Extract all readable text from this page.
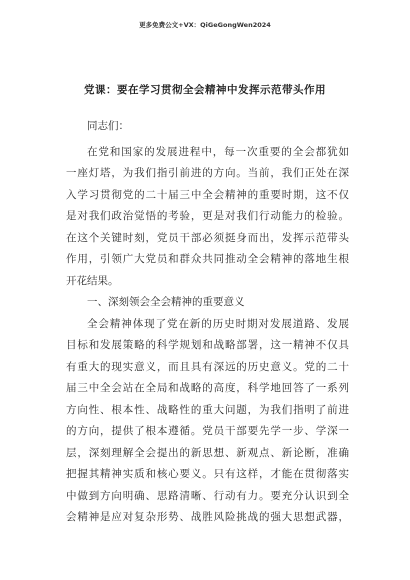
更多免费公文+VX：QiGeGongWen2024
党课：要在学习贯彻全会精神中发挥示范带头作用
同志们：
在党和国家的发展进程中，每一次重要的全会都犹如
一座灯塔，为我们指引前进的方向。当前，我们正处在深
入学习贯彻党的二十届三中全会精神的重要时期，这不仅
是对我们政治觉悟的考验，更是对我们行动能力的检验。
在这个关键时刻，党员干部必须挺身而出，发挥示范带头
作用，引领广大党员和群众共同推动全会精神的落地生根
开花结果。
一、深刻领会全会精神的重要意义
全会精神体现了党在新的历史时期对发展道路、发展
目标和发展策略的科学规划和战略部署，这一精神不仅具
有重大的现实意义，而且具有深远的历史意义。党的二十
届三中全会站在全局和战略的高度，科学地回答了一系列
方向性、根本性、战略性的重大问题，为我们指明了前进
的方向，提供了根本遵循。党员干部要先学一步、学深一
层，深刻理解全会提出的新思想、新观点、新论断，准确
把握其精神实质和核心要义。只有这样，才能在贯彻落实
中做到方向明确、思路清晰、行动有力。要充分认识到全
会精神是应对复杂形势、战胜风险挑战的强大思想武器，
